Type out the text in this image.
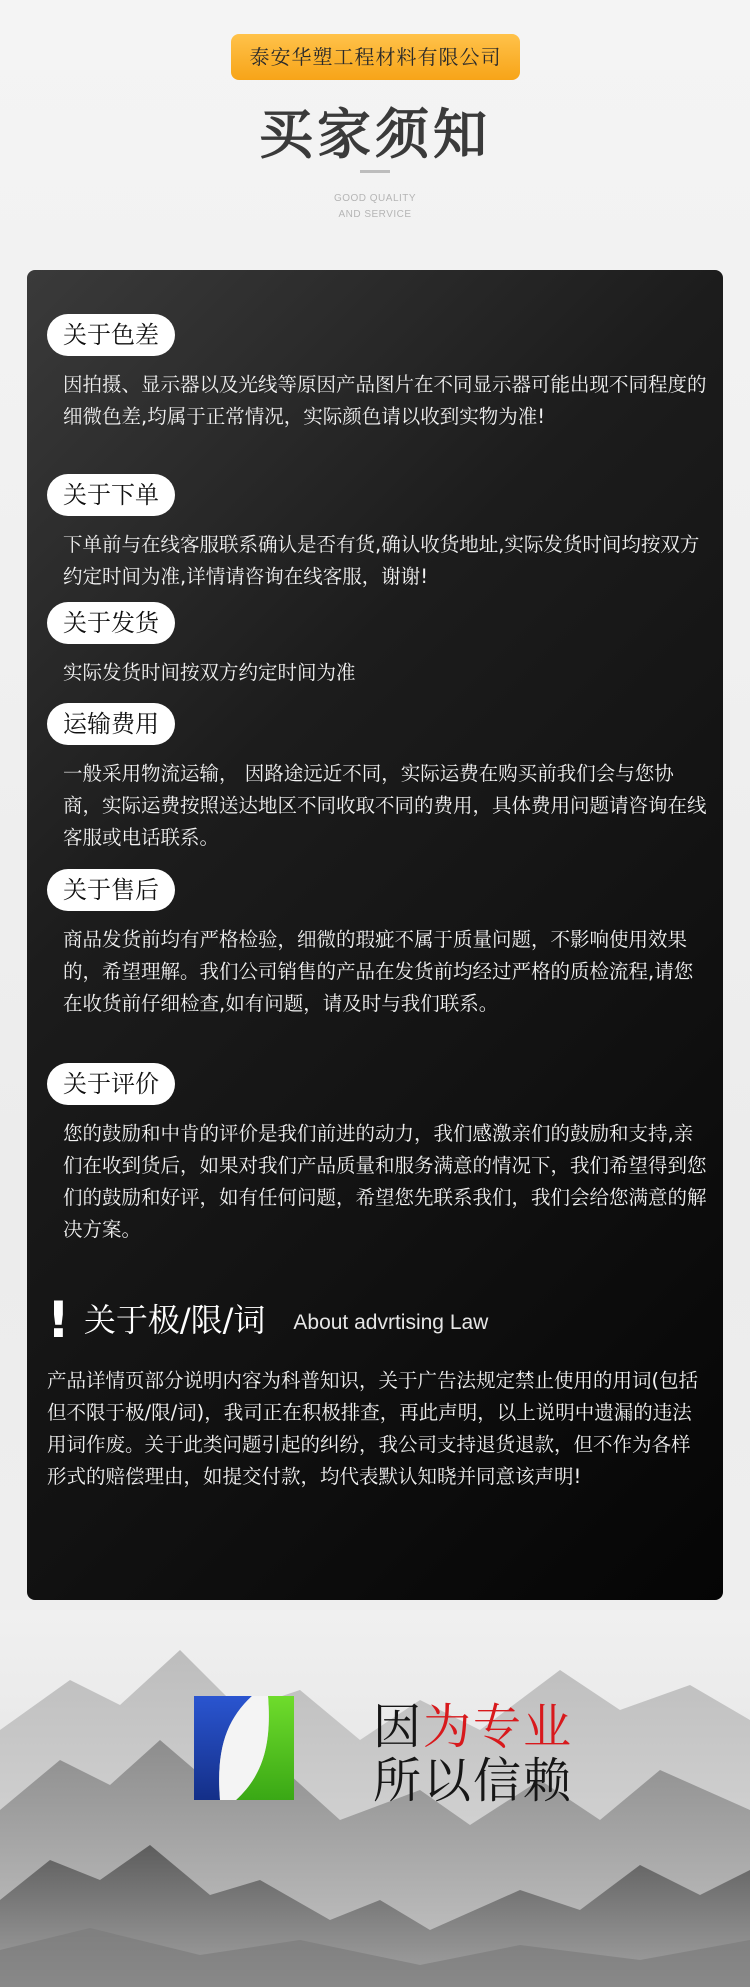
泰安华塑工程材料有限公司
买家须知
GOOD QUALITY
AND SERVICE
关于色差
因拍摄、显示器以及光线等原因产品图片在不同显示器可能出现不同程度的细微色差,均属于正常情况，实际颜色请以收到实物为准!
关于下单
下单前与在线客服联系确认是否有货,确认收货地址,实际发货时间均按双方约定时间为准,详情请咨询在线客服，谢谢!
关于发货
实际发货时间按双方约定时间为准
运输费用
一般采用物流运输， 因路途远近不同，实际运费在购买前我们会与您协商，实际运费按照送达地区不同收取不同的费用，具体费用问题请咨询在线客服或电话联系。
关于售后
商品发货前均有严格检验，细微的瑕疵不属于质量问题，不影响使用效果的，希望理解。我们公司销售的产品在发货前均经过严格的质检流程,请您在收货前仔细检查,如有问题，请及时与我们联系。
关于评价
您的鼓励和中肯的评价是我们前进的动力，我们感激亲们的鼓励和支持,亲们在收到货后，如果对我们产品质量和服务满意的情况下，我们希望得到您们的鼓励和好评，如有任何问题，希望您先联系我们，我们会给您满意的解决方案。
! 关于极/限/词 About advrtising Law
产品详情页部分说明内容为科普知识，关于广告法规定禁止使用的用词(包括但不限于极/限/词)，我司正在积极排查，再此声明，以上说明中遗漏的违法用词作废。关于此类问题引起的纠纷，我公司支持退货退款，但不作为各样形式的赔偿理由，如提交付款，均代表默认知晓并同意该声明!
因为专业
所以信赖
